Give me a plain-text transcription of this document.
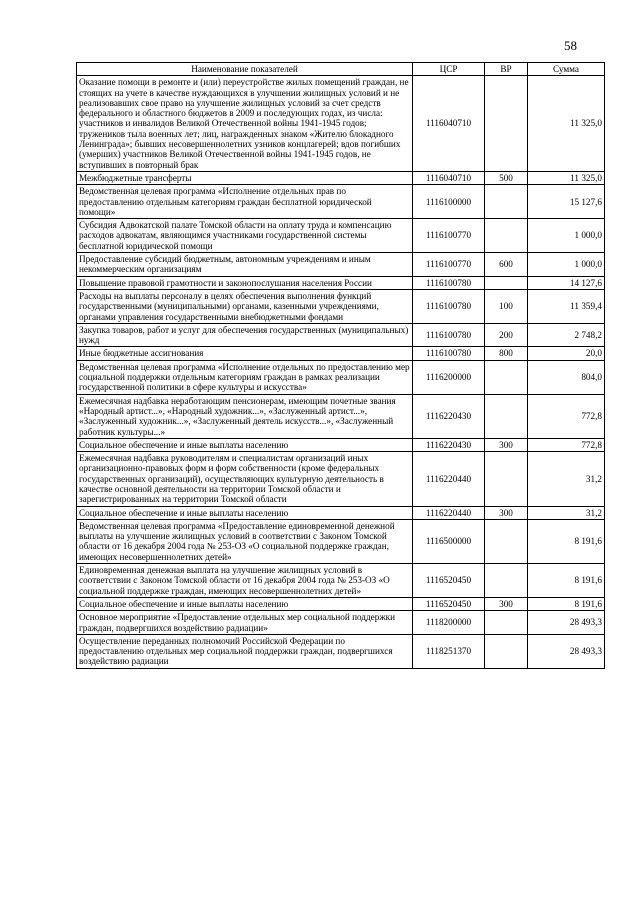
58
Наименование показателей	ЦСР	ВР	Сумма
Оказание помощи в ремонте и (или) переустройстве жилых помещений граждан, не стоящих на учете в качестве нуждающихся в улучшении жилищных условий и не реализовавших свое право на улучшение жилищных условий за счет средств федерального и областного бюджетов в 2009 и последующих годах, из числа: участников и инвалидов Великой Отечественной войны 1941-1945 годов; тружеников тыла военных лет; лиц, награжденных знаком «Жителю блокадного Ленинграда»; бывших несовершеннолетних узников концлагерей; вдов погибших (умерших) участников Великой Отечественной войны 1941-1945 годов, не вступивших в повторный брак	1116040710		11 325,0
Межбюджетные трансферты	1116040710	500	11 325,0
Ведомственная целевая программа «Исполнение отдельных прав по предоставлению отдельным категориям граждан бесплатной юридической помощи»	1116100000		15 127,6
Субсидия Адвокатской палате Томской области на оплату труда и компенсацию расходов адвокатам, являющимся участниками государственной системы бесплатной юридической помощи	1116100770		1 000,0
Предоставление субсидий бюджетным, автономным учреждениям и иным некоммерческим организациям	1116100770	600	1 000,0
Повышение правовой грамотности и законопослушания населения России	1116100780		14 127,6
Расходы на выплаты персоналу в целях обеспечения выполнения функций государственными (муниципальными) органами, казенными учреждениями, органами управления государственными внебюджетными фондами	1116100780	100	11 359,4
Закупка товаров, работ и услуг для обеспечения государственных (муниципальных) нужд	1116100780	200	2 748,2
Иные бюджетные ассигнования	1116100780	800	20,0
Ведомственная целевая программа «Исполнение отдельных по предоставлению мер социальной поддержки отдельным категориям граждан в рамках реализации государственной политики в сфере культуры и искусства»	1116200000		804,0
Ежемесячная надбавка неработающим пенсионерам, имеющим почетные звания «Народный артист...», «Народный художник...», «Заслуженный артист...», «Заслуженный художник...», «Заслуженный деятель искусств...», «Заслуженный работник культуры...»	1116220430		772,8
Социальное обеспечение и иные выплаты населению	1116220430	300	772,8
Ежемесячная надбавка руководителям и специалистам организаций иных организационно-правовых форм и форм собственности (кроме федеральных государственных организаций), осуществляющих культурную деятельность в качестве основной деятельности на территории Томской области и зарегистрированных на территории Томской области	1116220440		31,2
Социальное обеспечение и иные выплаты населению	1116220440	300	31,2
Ведомственная целевая программа «Предоставление единовременной денежной выплаты на улучшение жилищных условий в соответствии с Законом Томской области от 16 декабря 2004 года № 253-ОЗ «О социальной поддержке граждан, имеющих несовершеннолетних детей»	1116500000		8 191,6
Единовременная денежная выплата на улучшение жилищных условий в соответствии с Законом Томской области от 16 декабря 2004 года № 253-ОЗ «О социальной поддержке граждан, имеющих несовершеннолетних детей»	1116520450		8 191,6
Социальное обеспечение и иные выплаты населению	1116520450	300	8 191,6
Основное мероприятие «Предоставление отдельных мер социальной поддержки граждан, подвергшихся воздействию радиации»	1118200000		28 493,3
Осуществление переданных полномочий Российской Федерации по предоставлению отдельных мер социальной поддержки граждан, подвергшихся воздействию радиации	1118251370		28 493,3
